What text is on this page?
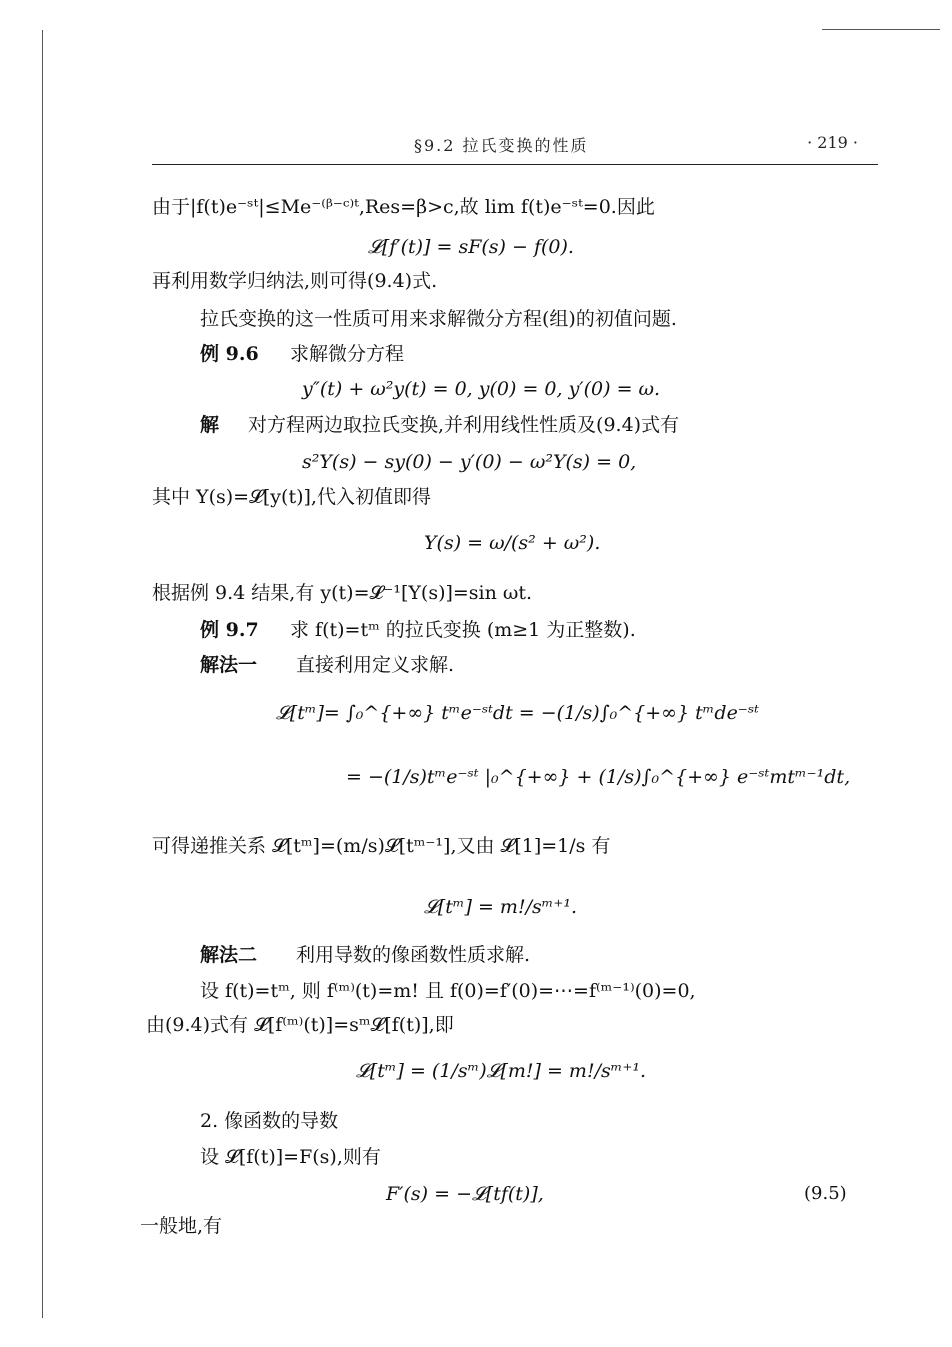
§9.2 拉氏变换的性质	· 219 ·
由于|f(t)e⁻ˢᵗ|≤Me⁻⁽ᵝ⁻ᶜ⁾ᵗ,Res=β>c,故 lim f(t)e⁻ˢᵗ=0.因此
𝓛[f′(t)] = sF(s) − f(0).
再利用数学归纳法,则可得(9.4)式.
拉氏变换的这一性质可用来求解微分方程(组)的初值问题.
例 9.6 求解微分方程
y″(t) + ω²y(t) = 0, y(0) = 0, y′(0) = ω.
解 对方程两边取拉氏变换,并利用线性性质及(9.4)式有
s²Y(s) − sy(0) − y′(0) − ω²Y(s) = 0,
其中 Y(s)=𝓛[y(t)],代入初值即得
Y(s) = ω/(s² + ω²).
根据例 9.4 结果,有 y(t)=𝓛⁻¹[Y(s)]=sin ωt.
例 9.7 求 f(t)=tᵐ 的拉氏变换 (m≥1 为正整数).
解法一 直接利用定义求解.
𝓛[tᵐ]= ∫₀^{+∞} tᵐe⁻ˢᵗdt = −(1/s)∫₀^{+∞} tᵐde⁻ˢᵗ
= −(1/s)tᵐe⁻ˢᵗ |₀^{+∞} + (1/s)∫₀^{+∞} e⁻ˢᵗmtᵐ⁻¹dt,
可得递推关系 𝓛[tᵐ]=(m/s)𝓛[tᵐ⁻¹],又由 𝓛[1]=1/s 有
𝓛[tᵐ] = m!/sᵐ⁺¹.
解法二 利用导数的像函数性质求解.
设 f(t)=tᵐ, 则 f⁽ᵐ⁾(t)=m! 且 f(0)=f′(0)=⋯=f⁽ᵐ⁻¹⁾(0)=0,
由(9.4)式有 𝓛[f⁽ᵐ⁾(t)]=sᵐ𝓛[f(t)],即
𝓛[tᵐ] = (1/sᵐ)𝓛[m!] = m!/sᵐ⁺¹.
2. 像函数的导数
设 𝓛[f(t)]=F(s),则有
F′(s) = −𝓛[tf(t)],	(9.5)
一般地,有
